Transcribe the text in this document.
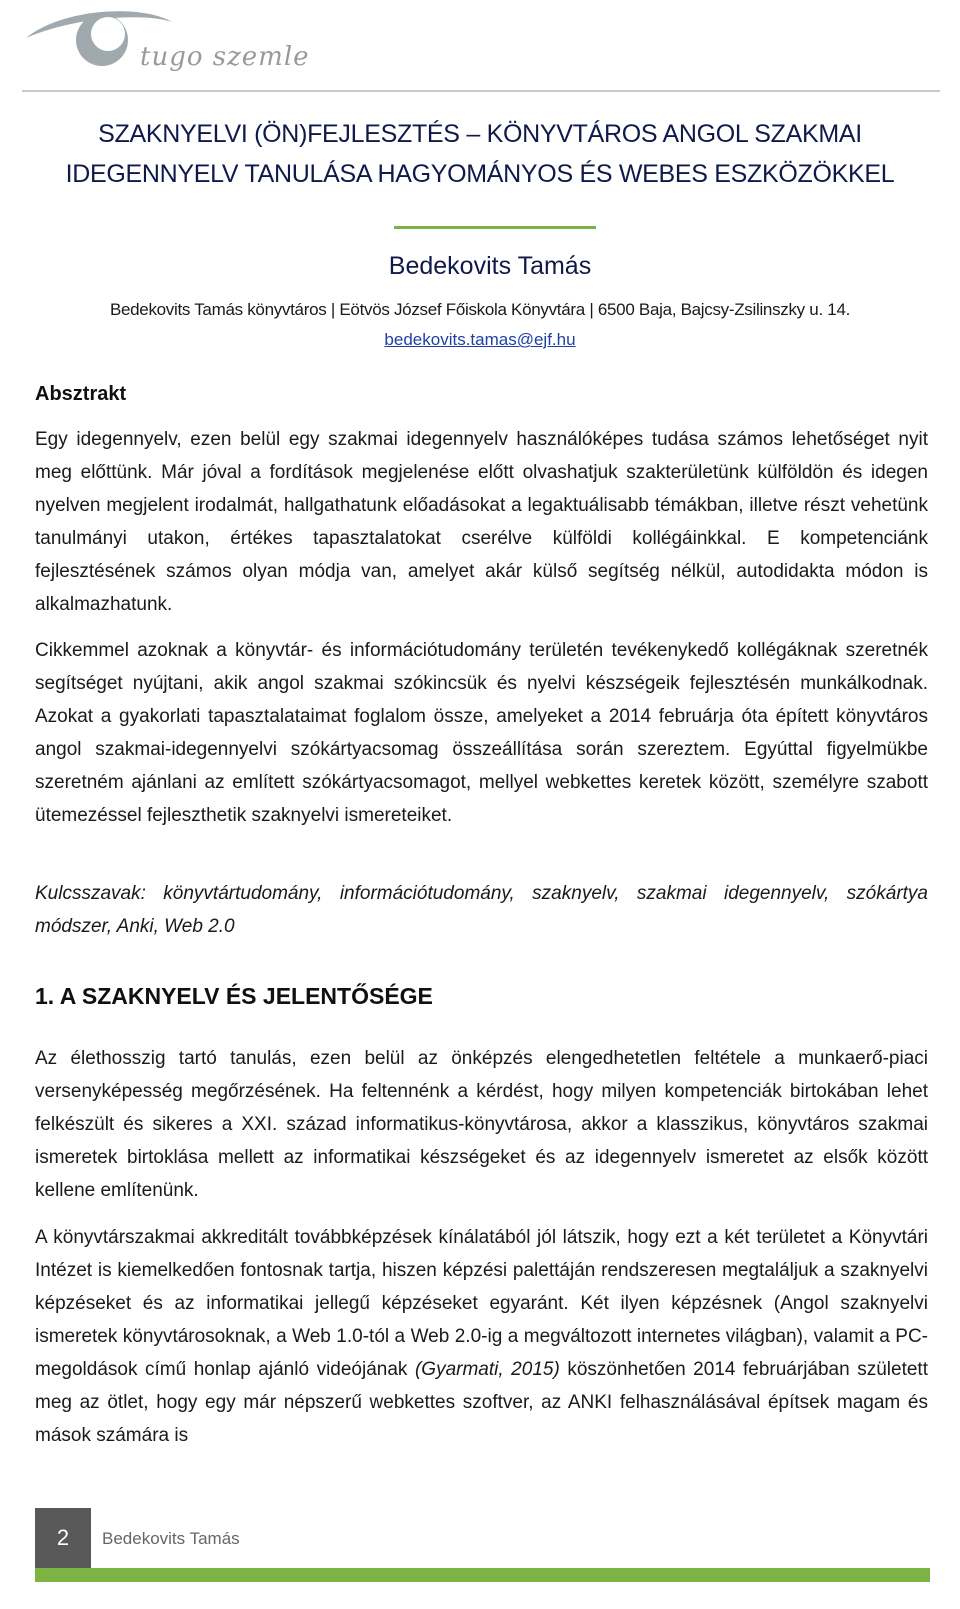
tugo szemle
SZAKNYELVI (ÖN)FEJLESZTÉS – KÖNYVTÁROS ANGOL SZAKMAI IDEGENNYELV TANULÁSA HAGYOMÁNYOS ÉS WEBES ESZKÖZÖKKEL
Bedekovits Tamás
Bedekovits Tamás könyvtáros | Eötvös József Főiskola Könyvtára | 6500 Baja, Bajcsy-Zsilinszky u. 14.
bedekovits.tamas@ejf.hu
Absztrakt

Egy idegennyelv, ezen belül egy szakmai idegennyelv használóképes tudása számos lehetőséget nyit meg előttünk. Már jóval a fordítások megjelenése előtt olvashatjuk szakterületünk külföldön és idegen nyelven megjelent irodalmát, hallgathatunk előadásokat a legaktuálisabb témákban, illetve részt vehetünk tanulmányi utakon, értékes tapasztalatokat cserélve külföldi kollégáinkkal. E kompetenciánk fejlesztésének számos olyan módja van, amelyet akár külső segítség nélkül, autodidakta módon is alkalmazhatunk.

Cikkemmel azoknak a könyvtár- és információtudomány területén tevékenykedő kollégáknak szeretnék segítséget nyújtani, akik angol szakmai szókincsük és nyelvi készségeik fejlesztésén munkálkodnak. Azokat a gyakorlati tapasztalataimat foglalom össze, amelyeket a 2014 februárja óta épített könyvtáros angol szakmai-idegennyelvi szókártyacsomag összeállítása során szereztem. Egyúttal figyelmükbe szeretném ajánlani az említett szókártyacsomagot, mellyel webkettes keretek között, személyre szabott ütemezéssel fejleszthetik szaknyelvi ismereteiket.

Kulcsszavak: könyvtártudomány, információtudomány, szaknyelv, szakmai idegennyelv, szókártya módszer, Anki, Web 2.0

1. A SZAKNYELV ÉS JELENTŐSÉGE

Az élethosszig tartó tanulás, ezen belül az önképzés elengedhetetlen feltétele a munkaerő-piaci versenyképesség megőrzésének. Ha feltennénk a kérdést, hogy milyen kompetenciák birtokában lehet felkészült és sikeres a XXI. század informatikus-könyvtárosa, akkor a klasszikus, könyvtáros szakmai ismeretek birtoklása mellett az informatikai készségeket és az idegennyelv ismeretet az elsők között kellene említenünk.

A könyvtárszakmai akkreditált továbbképzések kínálatából jól látszik, hogy ezt a két területet a Könyvtári Intézet is kiemelkedően fontosnak tartja, hiszen képzési palettáján rendszeresen megtaláljuk a szaknyelvi képzéseket és az informatikai jellegű képzéseket egyaránt. Két ilyen képzésnek (Angol szaknyelvi ismeretek könyvtárosoknak, a Web 1.0-tól a Web 2.0-ig a megváltozott internetes világban), valamit a PC-megoldások című honlap ajánló videójának (Gyarmati, 2015) köszönhetően 2014 februárjában született meg az ötlet, hogy egy már népszerű webkettes szoftver, az ANKI felhasználásával építsek magam és mások számára is

2	Bedekovits Tamás
